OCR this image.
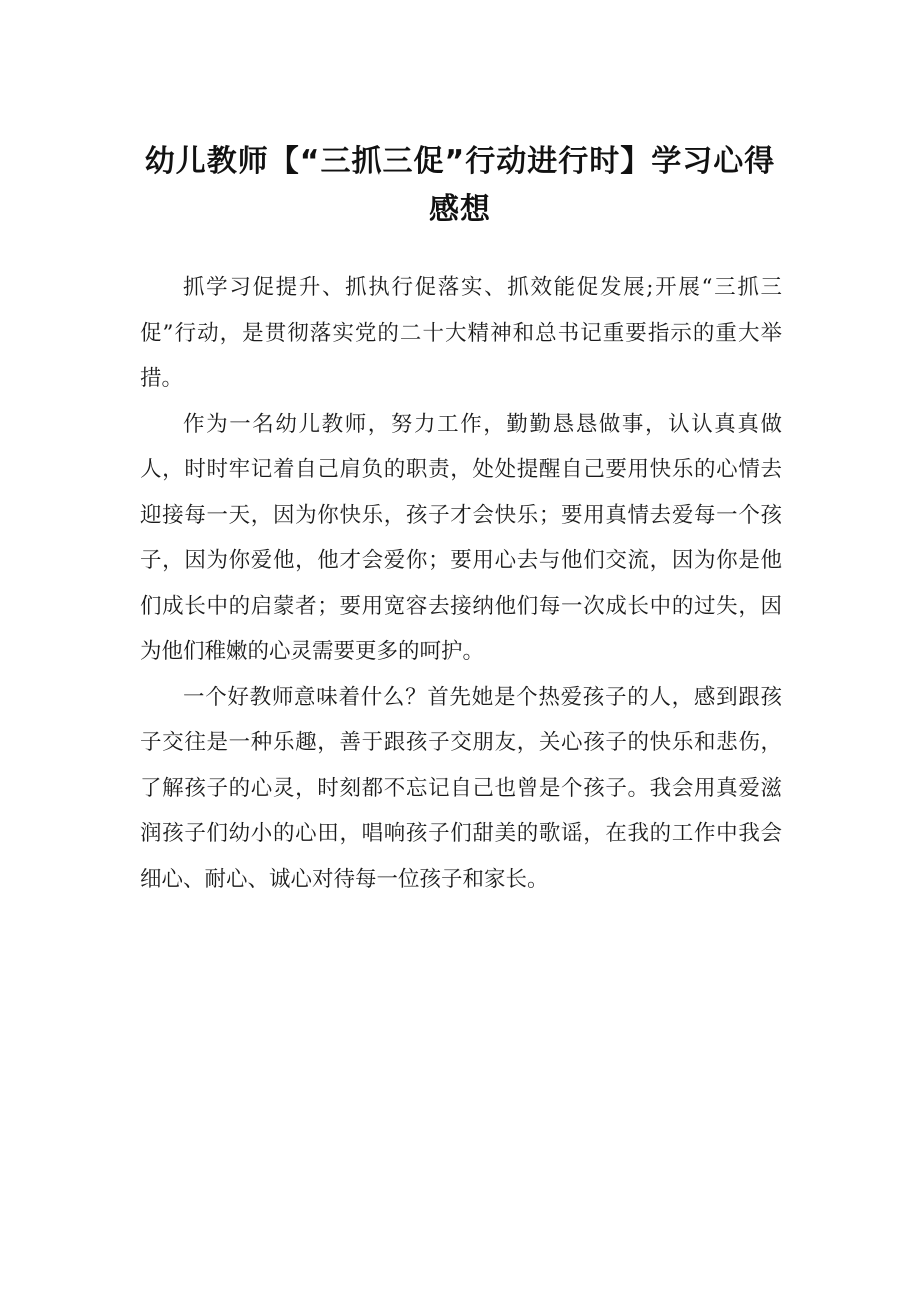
幼儿教师【“三抓三促”行动进行时】学习心得感想

抓学习促提升、抓执行促落实、抓效能促发展;开展“三抓三促”行动，是贯彻落实党的二十大精神和总书记重要指示的重大举措。

作为一名幼儿教师，努力工作，勤勤恳恳做事，认认真真做人，时时牢记着自己肩负的职责，处处提醒自己要用快乐的心情去迎接每一天，因为你快乐，孩子才会快乐；要用真情去爱每一个孩子，因为你爱他，他才会爱你；要用心去与他们交流，因为你是他们成长中的启蒙者；要用宽容去接纳他们每一次成长中的过失，因为他们稚嫩的心灵需要更多的呵护。

一个好教师意味着什么？首先她是个热爱孩子的人，感到跟孩子交往是一种乐趣，善于跟孩子交朋友，关心孩子的快乐和悲伤，了解孩子的心灵，时刻都不忘记自己也曾是个孩子。我会用真爱滋润孩子们幼小的心田，唱响孩子们甜美的歌谣，在我的工作中我会细心、耐心、诚心对待每一位孩子和家长。
